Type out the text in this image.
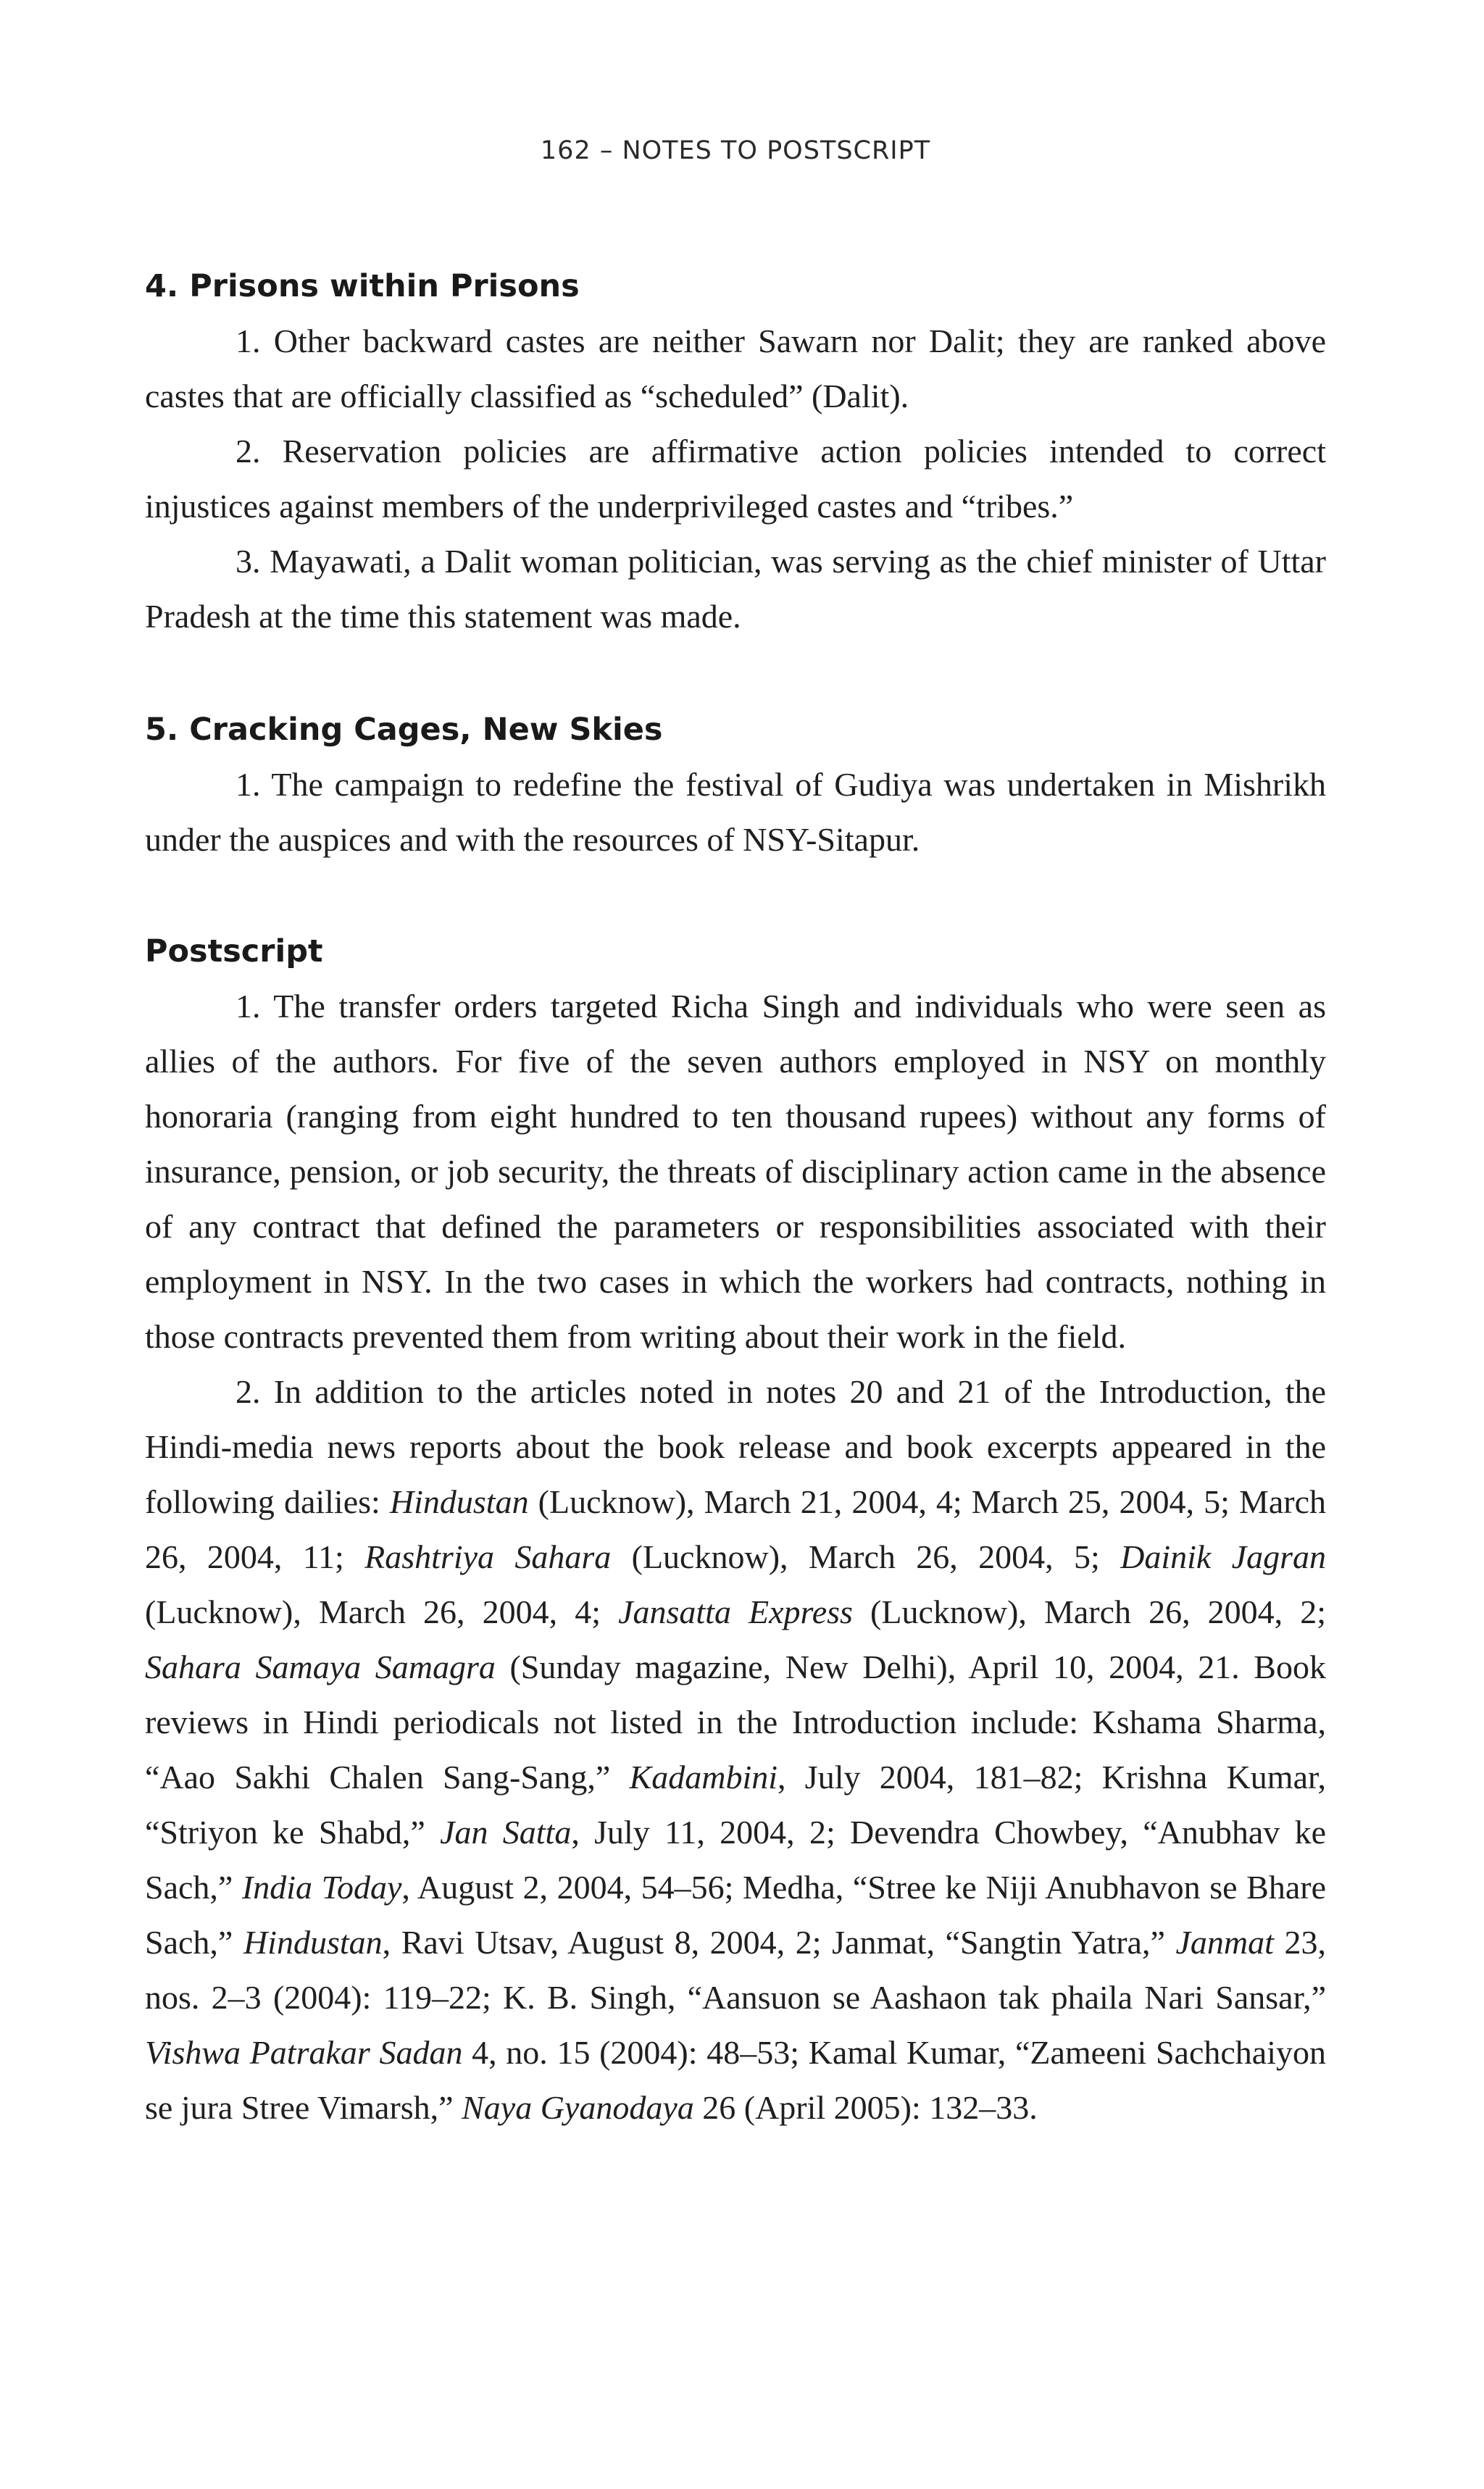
162 – NOTES TO POSTSCRIPT
4. Prisons within Prisons

1. Other backward castes are neither Sawarn nor Dalit; they are ranked above castes that are officially classified as “scheduled” (Dalit).

2. Reservation policies are affirmative action policies intended to correct injustices against members of the underprivileged castes and “tribes.”

3. Mayawati, a Dalit woman politician, was serving as the chief minister of Uttar Pradesh at the time this statement was made.

5. Cracking Cages, New Skies

1. The campaign to redefine the festival of Gudiya was undertaken in Mishrikh under the auspices and with the resources of NSY-Sitapur.

Postscript

1. The transfer orders targeted Richa Singh and individuals who were seen as allies of the authors. For five of the seven authors employed in NSY on monthly honoraria (ranging from eight hundred to ten thousand rupees) without any forms of insurance, pension, or job security, the threats of disciplinary action came in the absence of any contract that defined the parameters or responsibilities associated with their employment in NSY. In the two cases in which the workers had contracts, nothing in those contracts prevented them from writing about their work in the field.

2. In addition to the articles noted in notes 20 and 21 of the Introduction, the Hindi-media news reports about the book release and book excerpts appeared in the following dailies: Hindustan (Lucknow), March 21, 2004, 4; March 25, 2004, 5; March 26, 2004, 11; Rashtriya Sahara (Lucknow), March 26, 2004, 5; Dainik Jagran (Lucknow), March 26, 2004, 4; Jansatta Express (Lucknow), March 26, 2004, 2; Sahara Samaya Samagra (Sunday magazine, New Delhi), April 10, 2004, 21. Book reviews in Hindi periodicals not listed in the Introduction include: Kshama Sharma, “Aao Sakhi Chalen Sang-Sang,” Kadambini, July 2004, 181–82; Krishna Kumar, “Striyon ke Shabd,” Jan Satta, July 11, 2004, 2; Devendra Chowbey, “Anubhav ke Sach,” India Today, August 2, 2004, 54–56; Medha, “Stree ke Niji Anubhavon se Bhare Sach,” Hindustan, Ravi Utsav, August 8, 2004, 2; Janmat, “Sangtin Yatra,” Janmat 23, nos. 2–3 (2004): 119–22; K. B. Singh, “Aansuon se Aashaon tak phaila Nari Sansar,” Vishwa Patrakar Sadan 4, no. 15 (2004): 48–53; Kamal Kumar, “Zameeni Sachchaiyon se jura Stree Vimarsh,” Naya Gyanodaya 26 (April 2005): 132–33.
